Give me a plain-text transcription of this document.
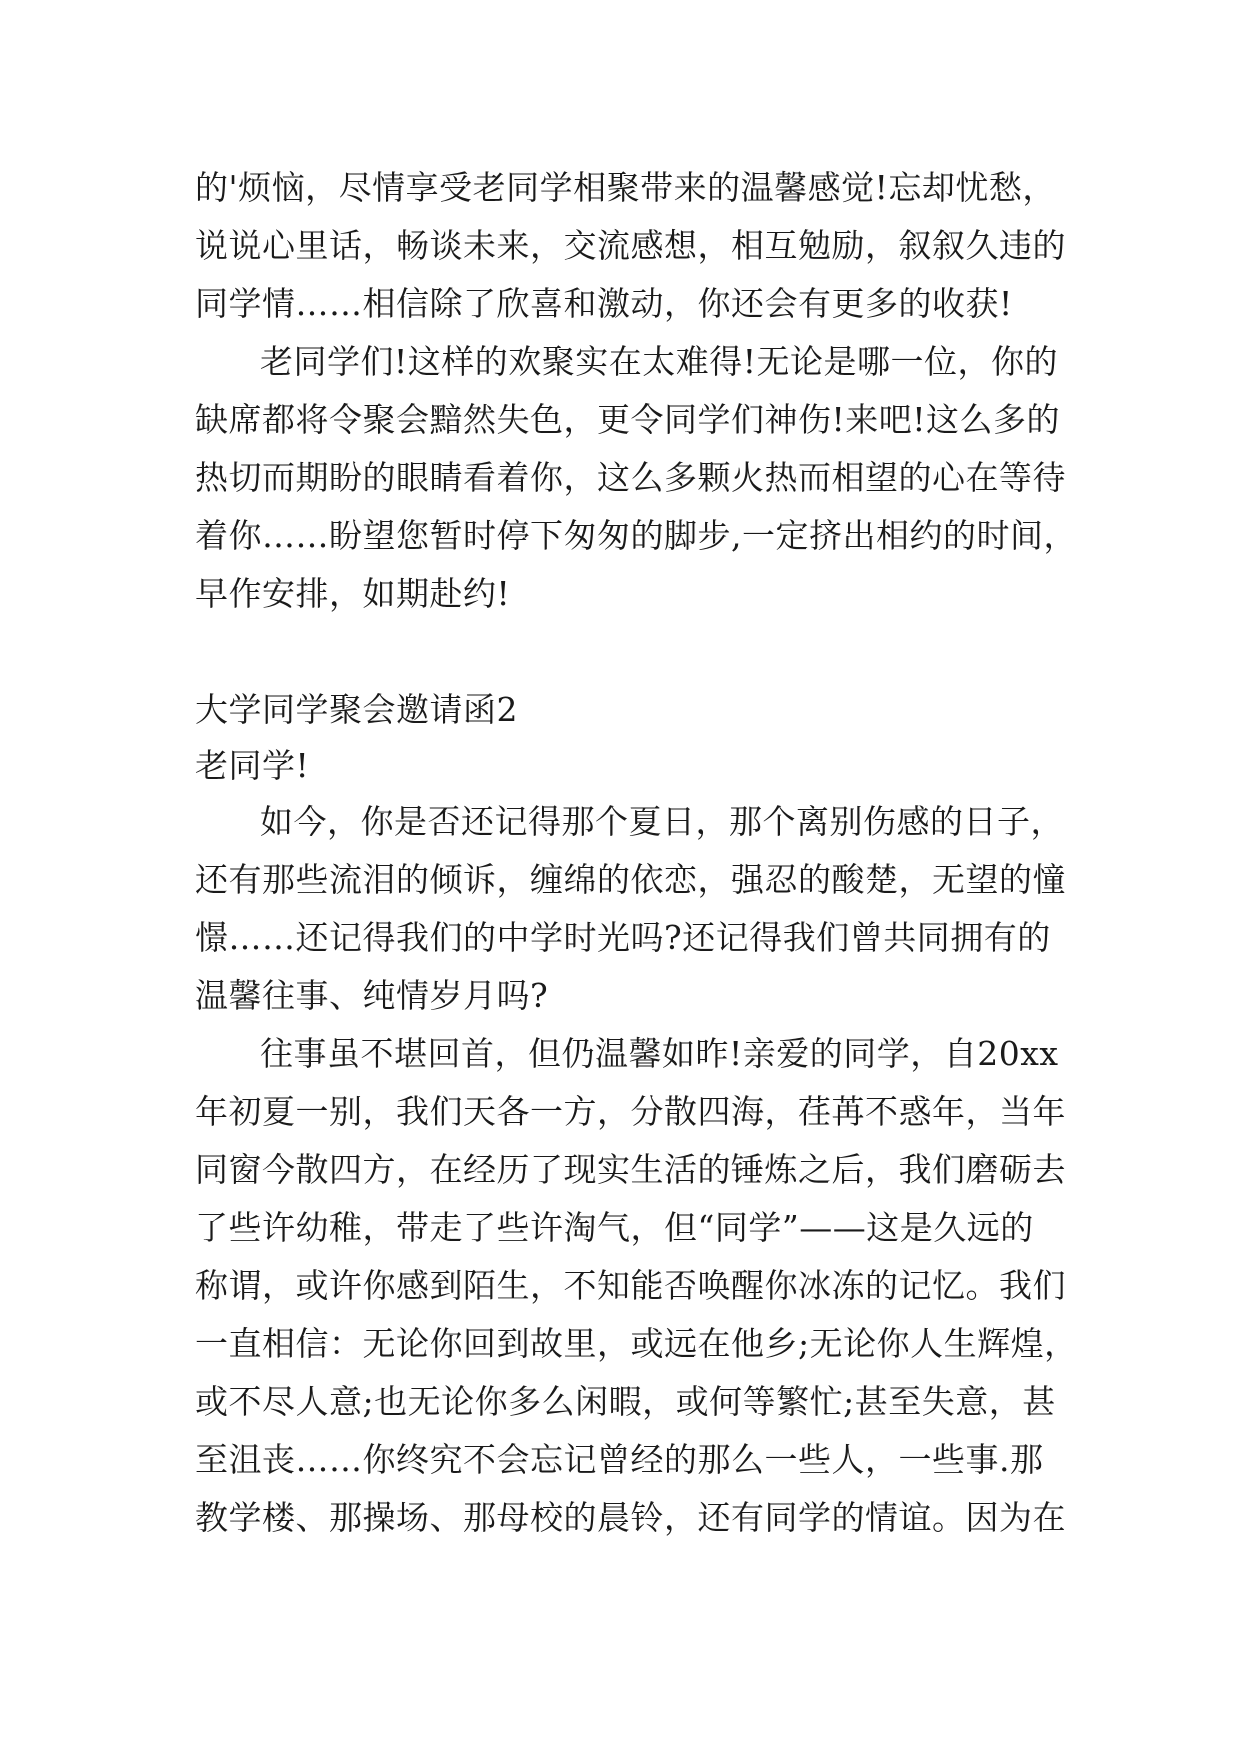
的'烦恼，尽情享受老同学相聚带来的温馨感觉!忘却忧愁，
说说心里话，畅谈未来，交流感想，相互勉励，叙叙久违的
同学情……相信除了欣喜和激动，你还会有更多的收获!
老同学们!这样的欢聚实在太难得!无论是哪一位，你的
缺席都将令聚会黯然失色，更令同学们神伤!来吧!这么多的
热切而期盼的眼睛看着你，这么多颗火热而相望的心在等待
着你……盼望您暂时停下匆匆的脚步,一定挤出相约的时间，
早作安排，如期赴约!
大学同学聚会邀请函2
老同学!
如今，你是否还记得那个夏日，那个离别伤感的日子，
还有那些流泪的倾诉，缠绵的依恋，强忍的酸楚，无望的憧
憬……还记得我们的中学时光吗?还记得我们曾共同拥有的
温馨往事、纯情岁月吗?
往事虽不堪回首，但仍温馨如昨!亲爱的同学，自20xx
年初夏一别，我们天各一方，分散四海，荏苒不惑年，当年
同窗今散四方，在经历了现实生活的锤炼之后，我们磨砺去
了些许幼稚，带走了些许淘气，但“同学”——这是久远的
称谓，或许你感到陌生，不知能否唤醒你冰冻的记忆。我们
一直相信：无论你回到故里，或远在他乡;无论你人生辉煌，
或不尽人意;也无论你多么闲暇，或何等繁忙;甚至失意，甚
至沮丧……你终究不会忘记曾经的那么一些人，一些事.那
教学楼、那操场、那母校的晨铃，还有同学的情谊。因为在
